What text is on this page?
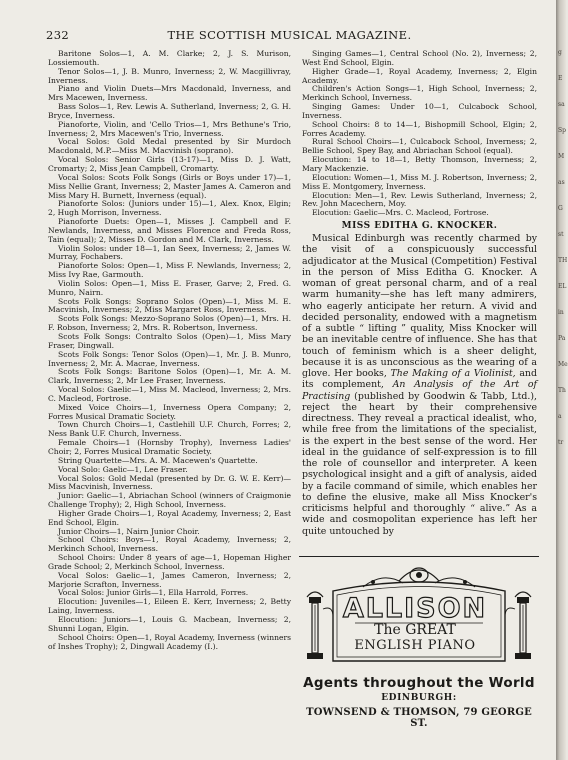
232	THE SCOTTISH MUSICAL MAGAZINE.

Baritone Solos—1, A. M. Clarke; 2, J. S. Murison, Lossiemouth.

Tenor Solos—1, J. B. Munro, Inverness; 2, W. Macgillivray, Inverness.

Piano and Violin Duets—Mrs Macdonald, Inverness, and Mrs Macewen, Inverness.

Bass Solos—1, Rev. Lewis A. Sutherland, Inverness; 2, G. H. Bryce, Inverness.

Pianoforte, Violin, and 'Cello Trios—1, Mrs Bethune's Trio, Inverness; 2, Mrs Macewen's Trio, Inverness.

Vocal Solos: Gold Medal presented by Sir Murdoch Macdonald, M.P.—Miss M. Macvinish (soprano).

Vocal Solos: Senior Girls (13-17)—1, Miss D. J. Watt, Cromarty; 2, Miss Jean Campbell, Cromarty.

Vocal Solos: Scots Folk Songs (Girls or Boys under 17)—1, Miss Nellie Grant, Inverness; 2, Master James A. Cameron and Miss Mary H. Burnett, Inverness (equal).

Pianoforte Solos: (Juniors under 15)—1, Alex. Knox, Elgin; 2, Hugh Morrison, Inverness.

Pianoforte Duets: Open—1, Misses J. Campbell and F. Newlands, Inverness, and Misses Florence and Freda Ross, Tain (equal); 2, Misses D. Gordon and M. Clark, Inverness.

Violin Solos: under 18—1, Ian Seex, Inverness; 2, James W. Murray, Fochabers.

Pianoforte Solos: Open—1, Miss F. Newlands, Inverness; 2, Miss Ivy Rae, Garmouth.

Violin Solos: Open—1, Miss E. Fraser, Garve; 2, Fred. G. Munro, Nairn.

Scots Folk Songs: Soprano Solos (Open)—1, Miss M. E. Macvinish, Inverness; 2, Miss Margaret Ross, Inverness.

Scots Folk Songs: Mezzo-Soprano Solos (Open)—1, Mrs. H. F. Robson, Inverness; 2, Mrs. R. Robertson, Inverness.

Scots Folk Songs: Contralto Solos (Open)—1, Miss Mary Fraser, Dingwall.

Scots Folk Songs: Tenor Solos (Open)—1, Mr. J. B. Munro, Inverness; 2, Mr. A. Macrae, Inverness.

Scots Folk Songs: Baritone Solos (Open)—1, Mr. A. M. Clark, Inverness; 2, Mr Lee Fraser, Inverness.

Vocal Solos: Gaelic—1, Miss M. Macleod, Inverness; 2, Mrs. C. Macleod, Fortrose.

Mixed Voice Choirs—1, Inverness Opera Company; 2, Forres Musical Dramatic Society.

Town Church Choirs—1, Castlehill U.F. Church, Forres; 2, Ness Bank U.F. Church, Inverness.

Female Choirs—1 (Hornsby Trophy), Inverness Ladies' Choir; 2, Forres Musical Dramatic Society.

String Quartette—Mrs. A. M. Macewen's Quartette.

Vocal Solo: Gaelic—1, Lee Fraser.

Vocal Solos: Gold Medal (presented by Dr. G. W. E. Kerr)—Miss Macvinish, Inverness.

Junior: Gaelic—1, Abriachan School (winners of Craigmonie Challenge Trophy); 2, High School, Inverness.

Higher Grade Choirs—1, Royal Academy, Inverness; 2, East End School, Elgin.

Junior Choirs—1, Nairn Junior Choir.

School Choirs: Boys—1, Royal Academy, Inverness; 2, Merkinch School, Inverness.

School Choirs: Under 8 years of age—1, Hopeman Higher Grade School; 2, Merkinch School, Inverness.

Vocal Solos: Gaelic—1, James Cameron, Inverness; 2, Marjorie Scrafton, Inverness.

Vocal Solos: Junior Girls—1, Ella Harrold, Forres.

Elocution: Juveniles—1, Eileen E. Kerr, Inverness; 2, Betty Laing, Inverness.

Elocution: Juniors—1, Louis G. Macbean, Inverness; 2, Shunni Logan, Elgin.

School Choirs: Open—1, Royal Academy, Inverness (winners of Inshes Trophy); 2, Dingwall Academy (I.).

Singing Games—1, Central School (No. 2), Inverness; 2, West End School, Elgin.

Higher Grade—1, Royal Academy, Inverness; 2, Elgin Academy.

Children's Action Songs—1, High School, Inverness; 2, Merkinch School, Inverness.

Singing Games: Under 10—1, Culcabock School, Inverness.

School Choirs: 8 to 14—1, Bishopmill School, Elgin; 2, Forres Academy.

Rural School Choirs—1, Culcabock School, Inverness; 2, Bellie School, Spey Bay, and Abriachan School (equal).

Elocution: 14 to 18—1, Betty Thomson, Inverness; 2, Mary Mackenzie.

Elocution: Women—1, Miss M. J. Robertson, Inverness; 2, Miss E. Montgomery, Inverness.

Elocution: Men—1, Rev. Lewis Sutherland, Inverness; 2, Rev. John Macechern, Moy.

Elocution: Gaelic—Mrs. C. Macleod, Fortrose.

MISS EDITHA G. KNOCKER.

Musical Edinburgh was recently charmed by the visit of a conspicuously successful adjudicator at the Musical (Competition) Festival in the person of Miss Editha G. Knocker. A woman of great personal charm, and of a real warm humanity—she has left many admirers, who eagerly anticipate her return. A vivid and decided personality, endowed with a magnetism of a subtle “ lifting ” quality, Miss Knocker will be an inevitable centre of influence. She has that touch of feminism which is a sheer delight, because it is as unconscious as the wearing of a glove. Her books, The Making of a Violinist, and its complement, An Analysis of the Art of Practising (published by Goodwin & Tabb, Ltd.), reject the heart by their comprehensive directness. They reveal a practical idealist, who, while free from the limitations of the specialist, is the expert in the best sense of the word. Her ideal in the guidance of self-expression is to fill the role of counsellor and interpreter. A keen psychological insight and a gift of analysis, aided by a facile command of simile, which enables her to define the elusive, make all Miss Knocker's criticisms helpful and thoroughly “ alive.” As a wide and cosmopolitan experience has left her quite untouched by

ALLISON
The GREAT
ENGLISH PIANO
Agents throughout the World
EDINBURGH:
TOWNSEND & THOMSON, 79 GEORGE ST.
g
E
sa
Sp
M
as
G
st
TH
EL
in
Pa
Me
Th
a
tr
